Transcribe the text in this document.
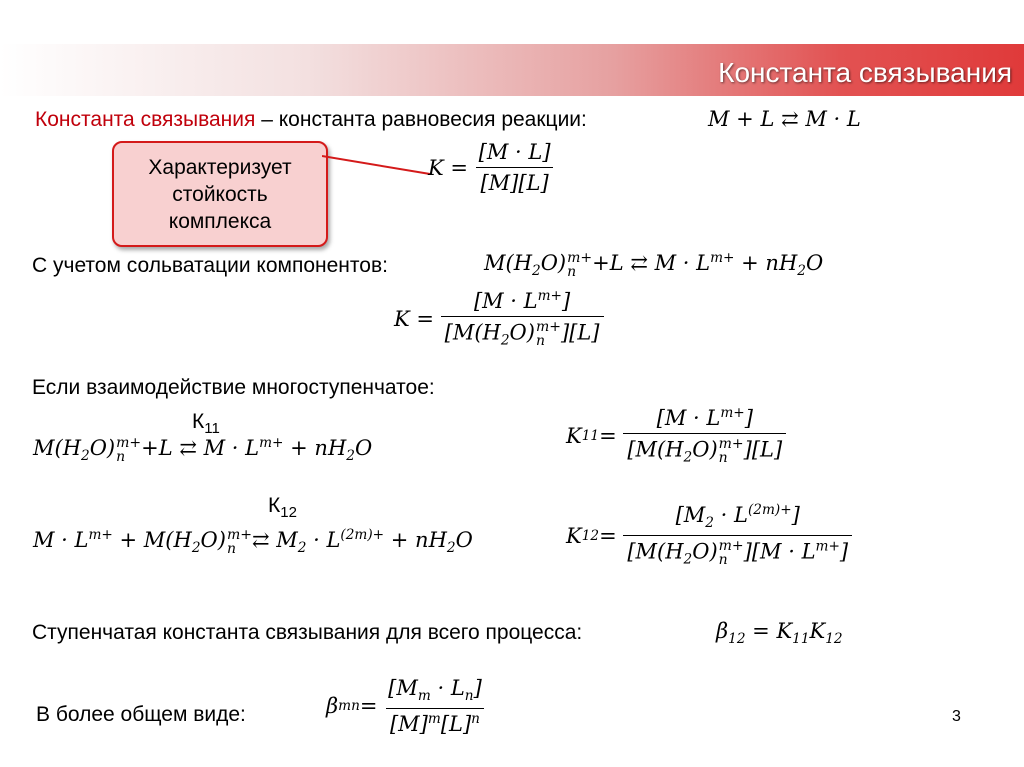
Константа связывания
Константа связывания – константа равновесия реакции:	M + L ⇄ M · L
Характеризует
стойкость
комплекса
K =
$\frac{[M \cdot L]}{[M][L]}$
С учетом сольватации компонентов:	$M(H_2O)$ m+
n +L ⇄ $M \cdot L^{m+} + nH_2O$
$K = [M \cdot L^{m+}]$
[$M(H_2O)$ m+
n ][L]
Если взаимодействие многоступенчатое:
$К_{11}$
$M(H_2O)$ m+
n +L ⇄ $M \cdot L^{m+} + nH_2O$	K $11 = [M \cdot L^{m+}]$
[$M(H_2O)$ m+
n ][L]
$К_{12}$
$M \cdot L^{m+} + M(H_2O)$ m+
n ⇄ $M_2 \cdot L^{(2m)+} + nH_2O$	K $12 = [M_2 \cdot L^{(2m)+}]$
[$M(H_2O)$ m+
n ]$[M \cdot L^{m+}]$
Ступенчатая константа связывания для всего процесса:	$\beta_{12} = K_{11}K_{12}$
В более общем виде:	β mn = $\frac{[M_m \cdot L_n]}{[M]^m[L]^n}$	3
